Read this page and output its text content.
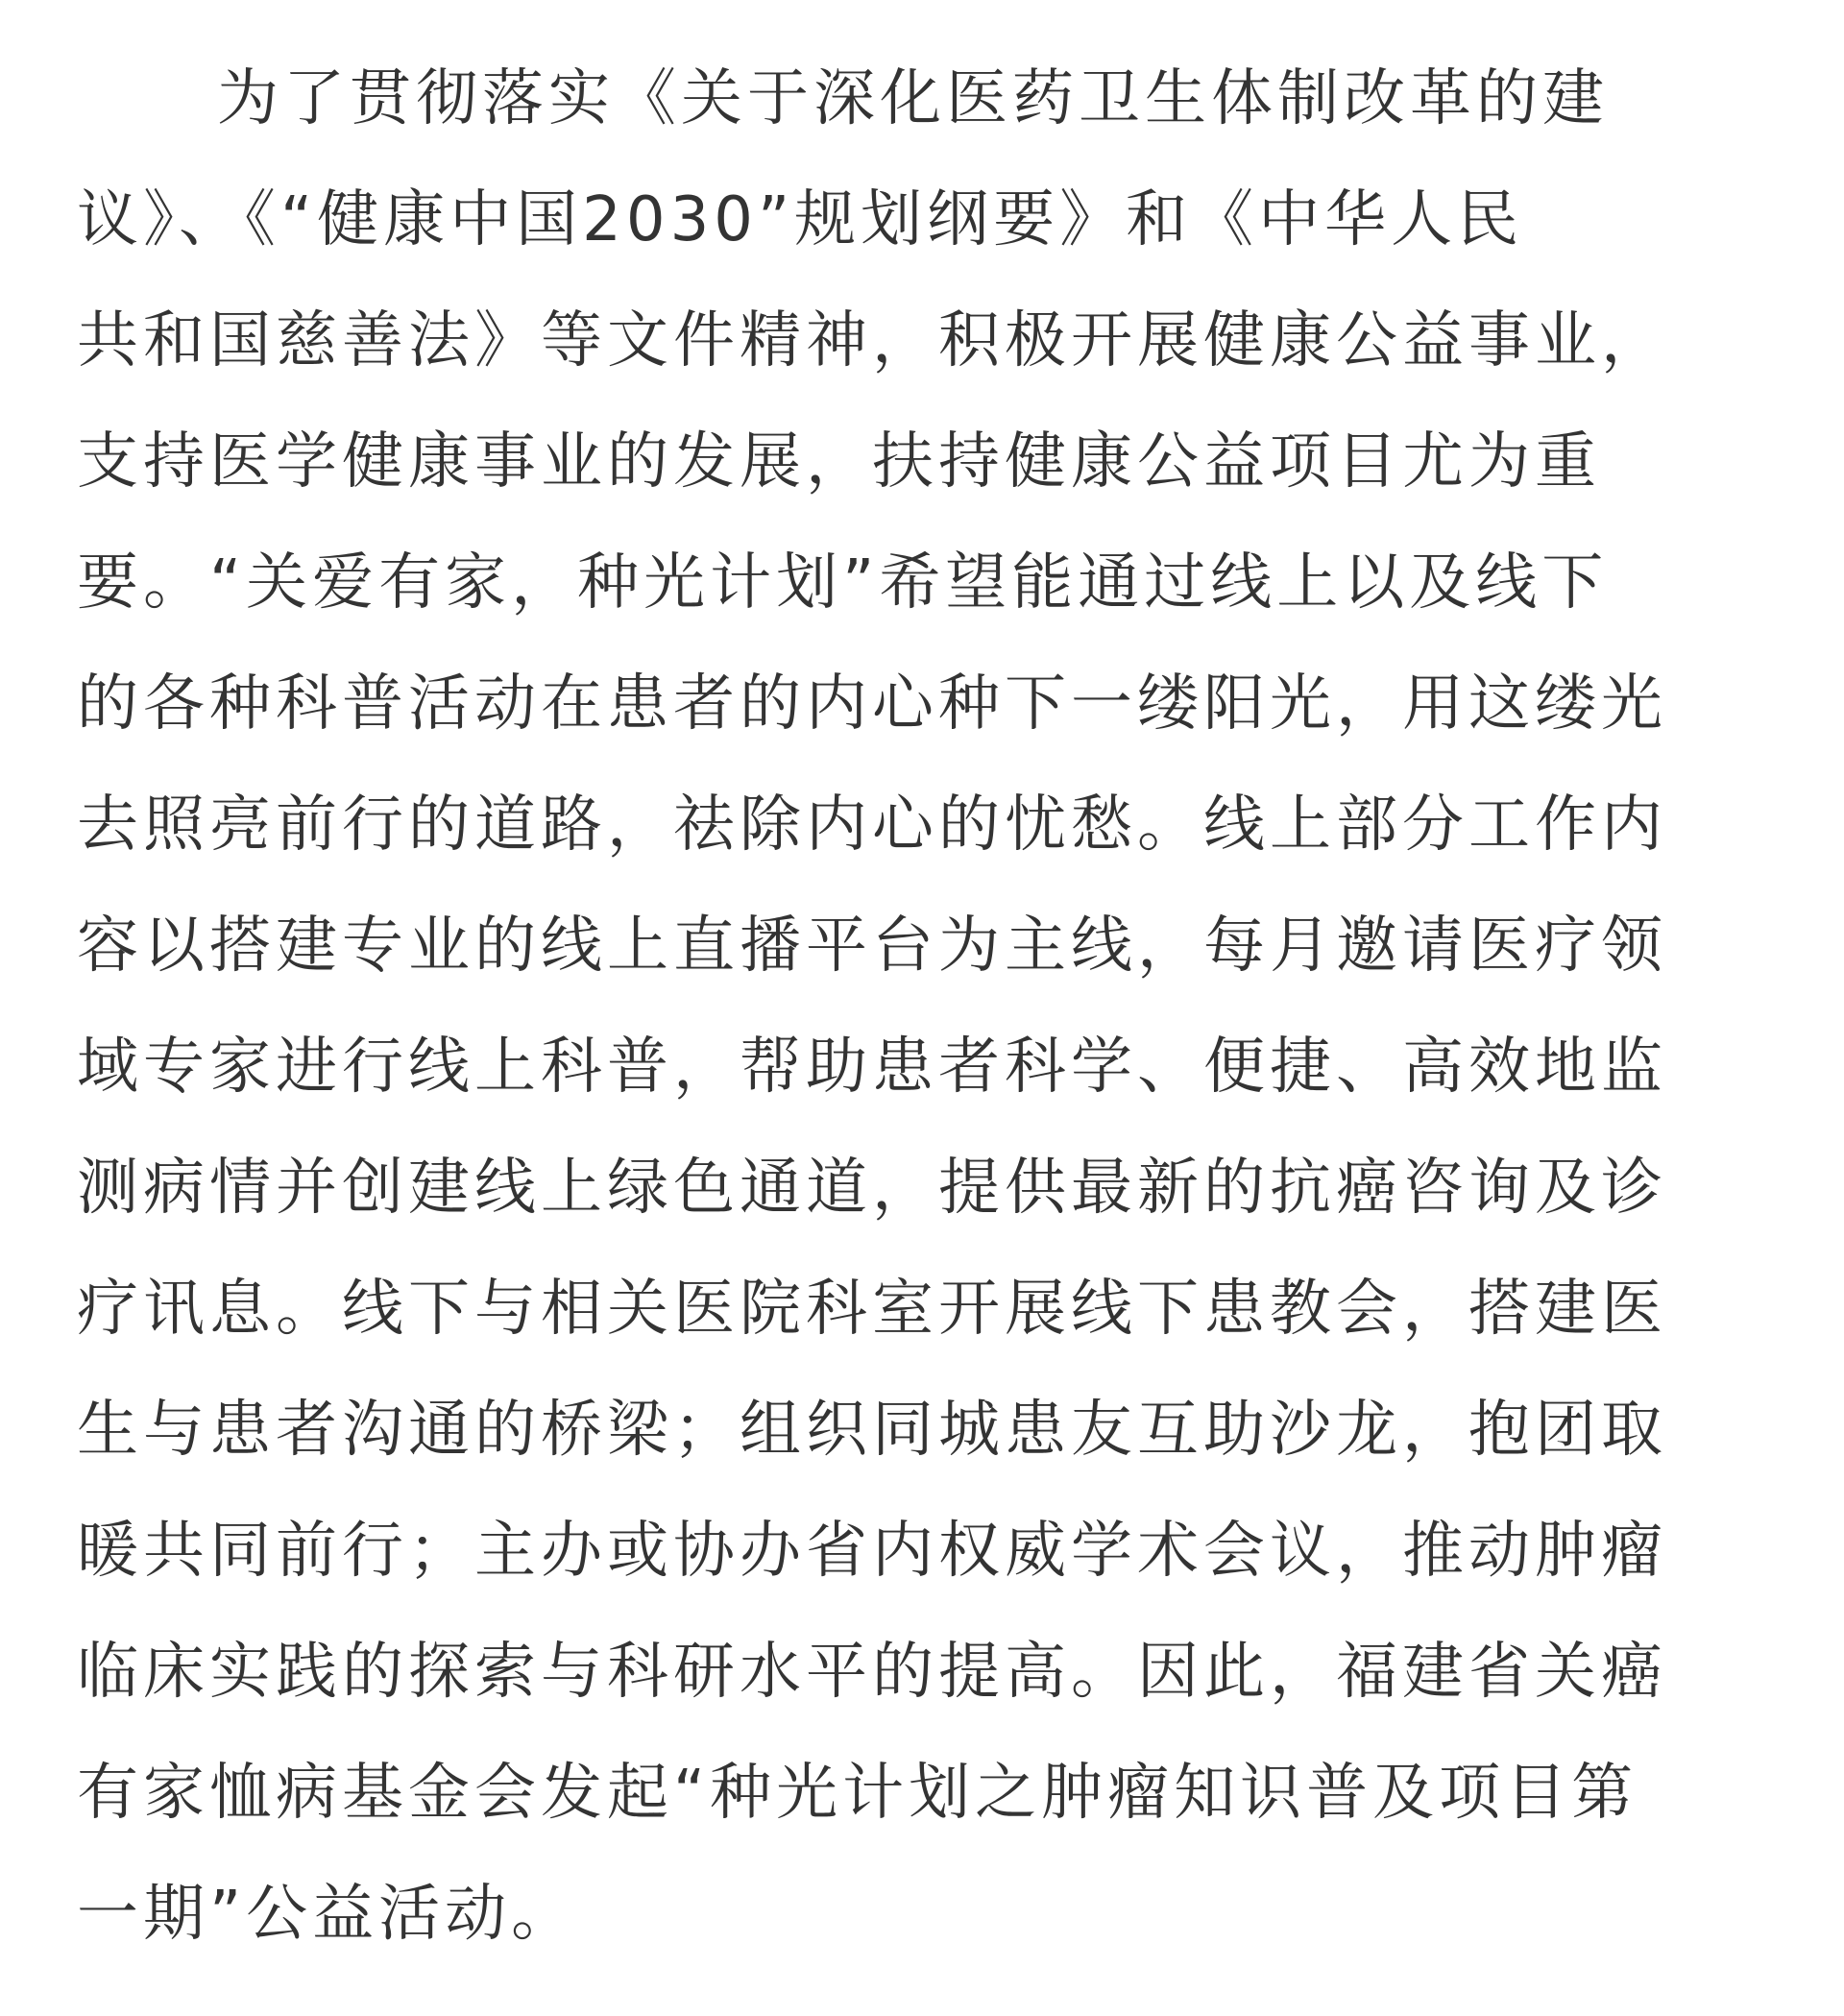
为了贯彻落实《关于深化医药卫生体制改革的建
议》、《“健康中国2030”规划纲要》和《中华人民
共和国慈善法》等文件精神，积极开展健康公益事业，
支持医学健康事业的发展，扶持健康公益项目尤为重
要。“关爱有家，种光计划”希望能通过线上以及线下
的各种科普活动在患者的内心种下一缕阳光，用这缕光
去照亮前行的道路，祛除内心的忧愁。线上部分工作内
容以搭建专业的线上直播平台为主线，每月邀请医疗领
域专家进行线上科普，帮助患者科学、便捷、高效地监
测病情并创建线上绿色通道，提供最新的抗癌咨询及诊
疗讯息。线下与相关医院科室开展线下患教会，搭建医
生与患者沟通的桥梁；组织同城患友互助沙龙，抱团取
暖共同前行；主办或协办省内权威学术会议，推动肿瘤
临床实践的探索与科研水平的提高。因此，福建省关癌
有家恤病基金会发起“种光计划之肿瘤知识普及项目第
一期”公益活动。
